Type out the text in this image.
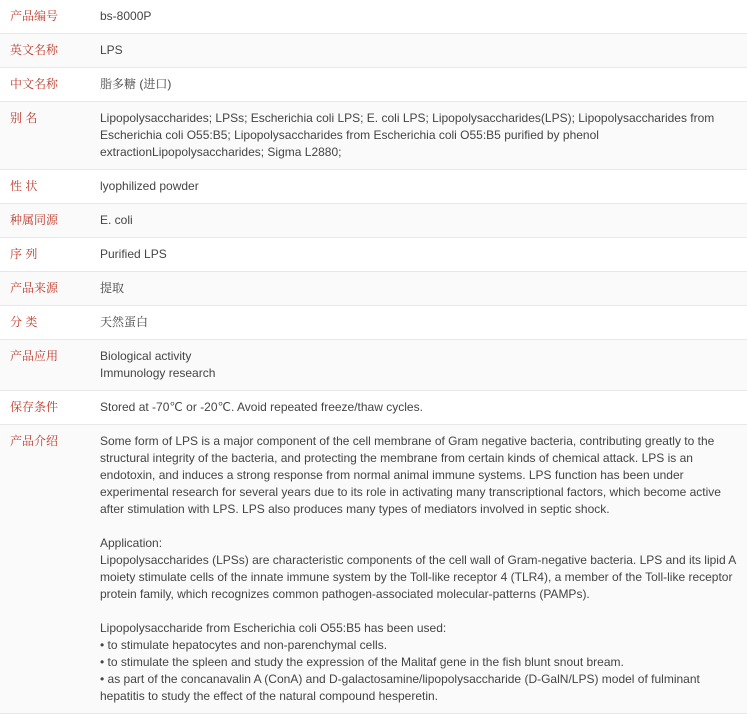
产品编号	bs-8000P
英文名称	LPS
中文名称	脂多糖 (进口)
别 名	Lipopolysaccharides; LPSs; Escherichia coli LPS; E. coli LPS; Lipopolysaccharides(LPS); Lipopolysaccharides from Escherichia coli O55:B5; Lipopolysaccharides from Escherichia coli O55:B5 purified by phenol extractionLipopolysaccharides; Sigma L2880;
性 状	lyophilized powder
种属同源	E. coli
序 列	Purified LPS
产品来源	提取
分 类	天然蛋白
产品应用	Biological activity
Immunology research

保存条件	Stored at -70℃ or -20℃. Avoid repeated freeze/thaw cycles.
产品介绍	Some form of LPS is a major component of the cell membrane of Gram negative bacteria, contributing greatly to the structural integrity of the bacteria, and protecting the membrane from certain kinds of chemical attack. LPS is an endotoxin, and induces a strong response from normal animal immune systems. LPS function has been under experimental research for several years due to its role in activating many transcriptional factors, which become active after stimulation with LPS. LPS also produces many types of mediators involved in septic shock.
Application:
Lipopolysaccharides (LPSs) are characteristic components of the cell wall of Gram-negative bacteria. LPS and its lipid A moiety stimulate cells of the innate immune system by the Toll-like receptor 4 (TLR4), a member of the Toll-like receptor protein family, which recognizes common pathogen-associated molecular-patterns (PAMPs).
Lipopolysaccharide from Escherichia coli O55:B5 has been used:
• to stimulate hepatocytes and non-parenchymal cells.
• to stimulate the spleen and study the expression of the Malitaf gene in the fish blunt snout bream.
• as part of the concanavalin A (ConA) and D-galactosamine/lipopolysaccharide (D-GalN/LPS) model of fulminant hepatitis to study the effect of the natural compound hesperetin.
